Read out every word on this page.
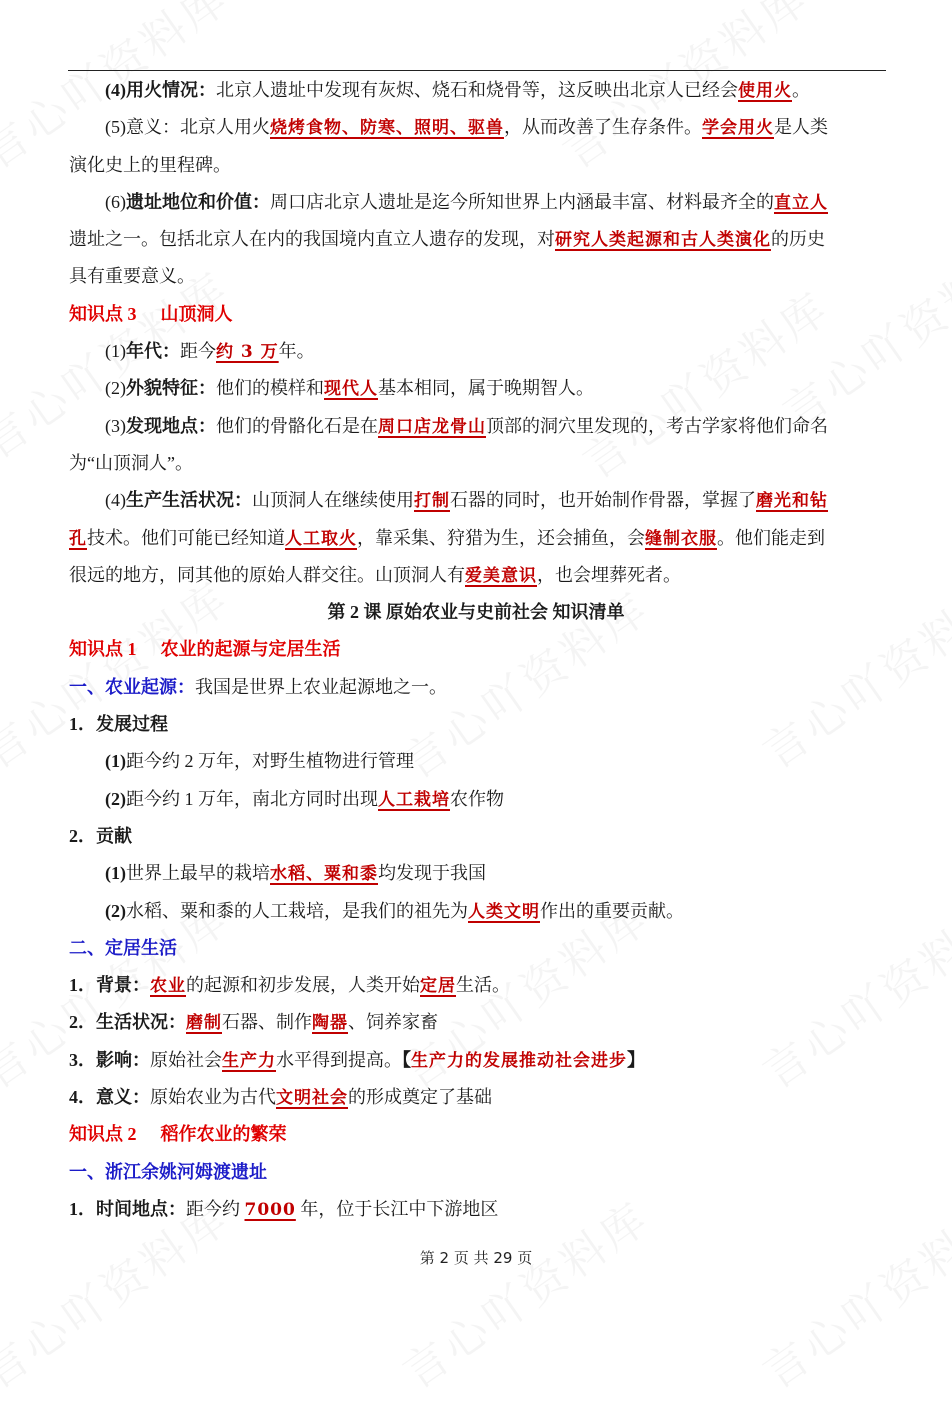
(4)用火情况：北京人遗址中发现有灰烬、烧石和烧骨等，这反映出北京人已经会使用火。
(5)意义：北京人用火烧烤食物、防寒、照明、驱兽，从而改善了生存条件。学会用火是人类
演化史上的里程碑。
(6)遗址地位和价值：周口店北京人遗址是迄今所知世界上内涵最丰富、材料最齐全的直立人
遗址之一。包括北京人在内的我国境内直立人遗存的发现，对研究人类起源和古人类演化的历史
具有重要意义。
知识点 3 山顶洞人
(1)年代：距今约 3 万年。
(2)外貌特征：他们的模样和现代人基本相同，属于晚期智人。
(3)发现地点：他们的骨骼化石是在周口店龙骨山顶部的洞穴里发现的，考古学家将他们命名
为“山顶洞人”。
(4)生产生活状况：山顶洞人在继续使用打制石器的同时，也开始制作骨器，掌握了磨光和钻
孔技术。他们可能已经知道人工取火，靠采集、狩猎为生，还会捕鱼，会缝制衣服。他们能走到
很远的地方，同其他的原始人群交往。山顶洞人有爱美意识，也会埋葬死者。
第 2 课 原始农业与史前社会 知识清单
知识点 1 农业的起源与定居生活
一、农业起源：我国是世界上农业起源地之一。
1．发展过程
(1)距今约 2 万年，对野生植物进行管理
(2)距今约 1 万年，南北方同时出现人工栽培农作物
2．贡献
(1)世界上最早的栽培水稻、粟和黍均发现于我国
(2)水稻、粟和黍的人工栽培，是我们的祖先为人类文明作出的重要贡献。
二、定居生活
1．背景：农业的起源和初步发展，人类开始定居生活。
2．生活状况：磨制石器、制作陶器、饲养家畜
3．影响：原始社会生产力水平得到提高。【生产力的发展推动社会进步】
4．意义：原始农业为古代文明社会的形成奠定了基础
知识点 2 稻作农业的繁荣
一、浙江余姚河姆渡遗址
1．时间地点：距今约 7000 年，位于长江中下游地区
第 2 页 共 29 页
